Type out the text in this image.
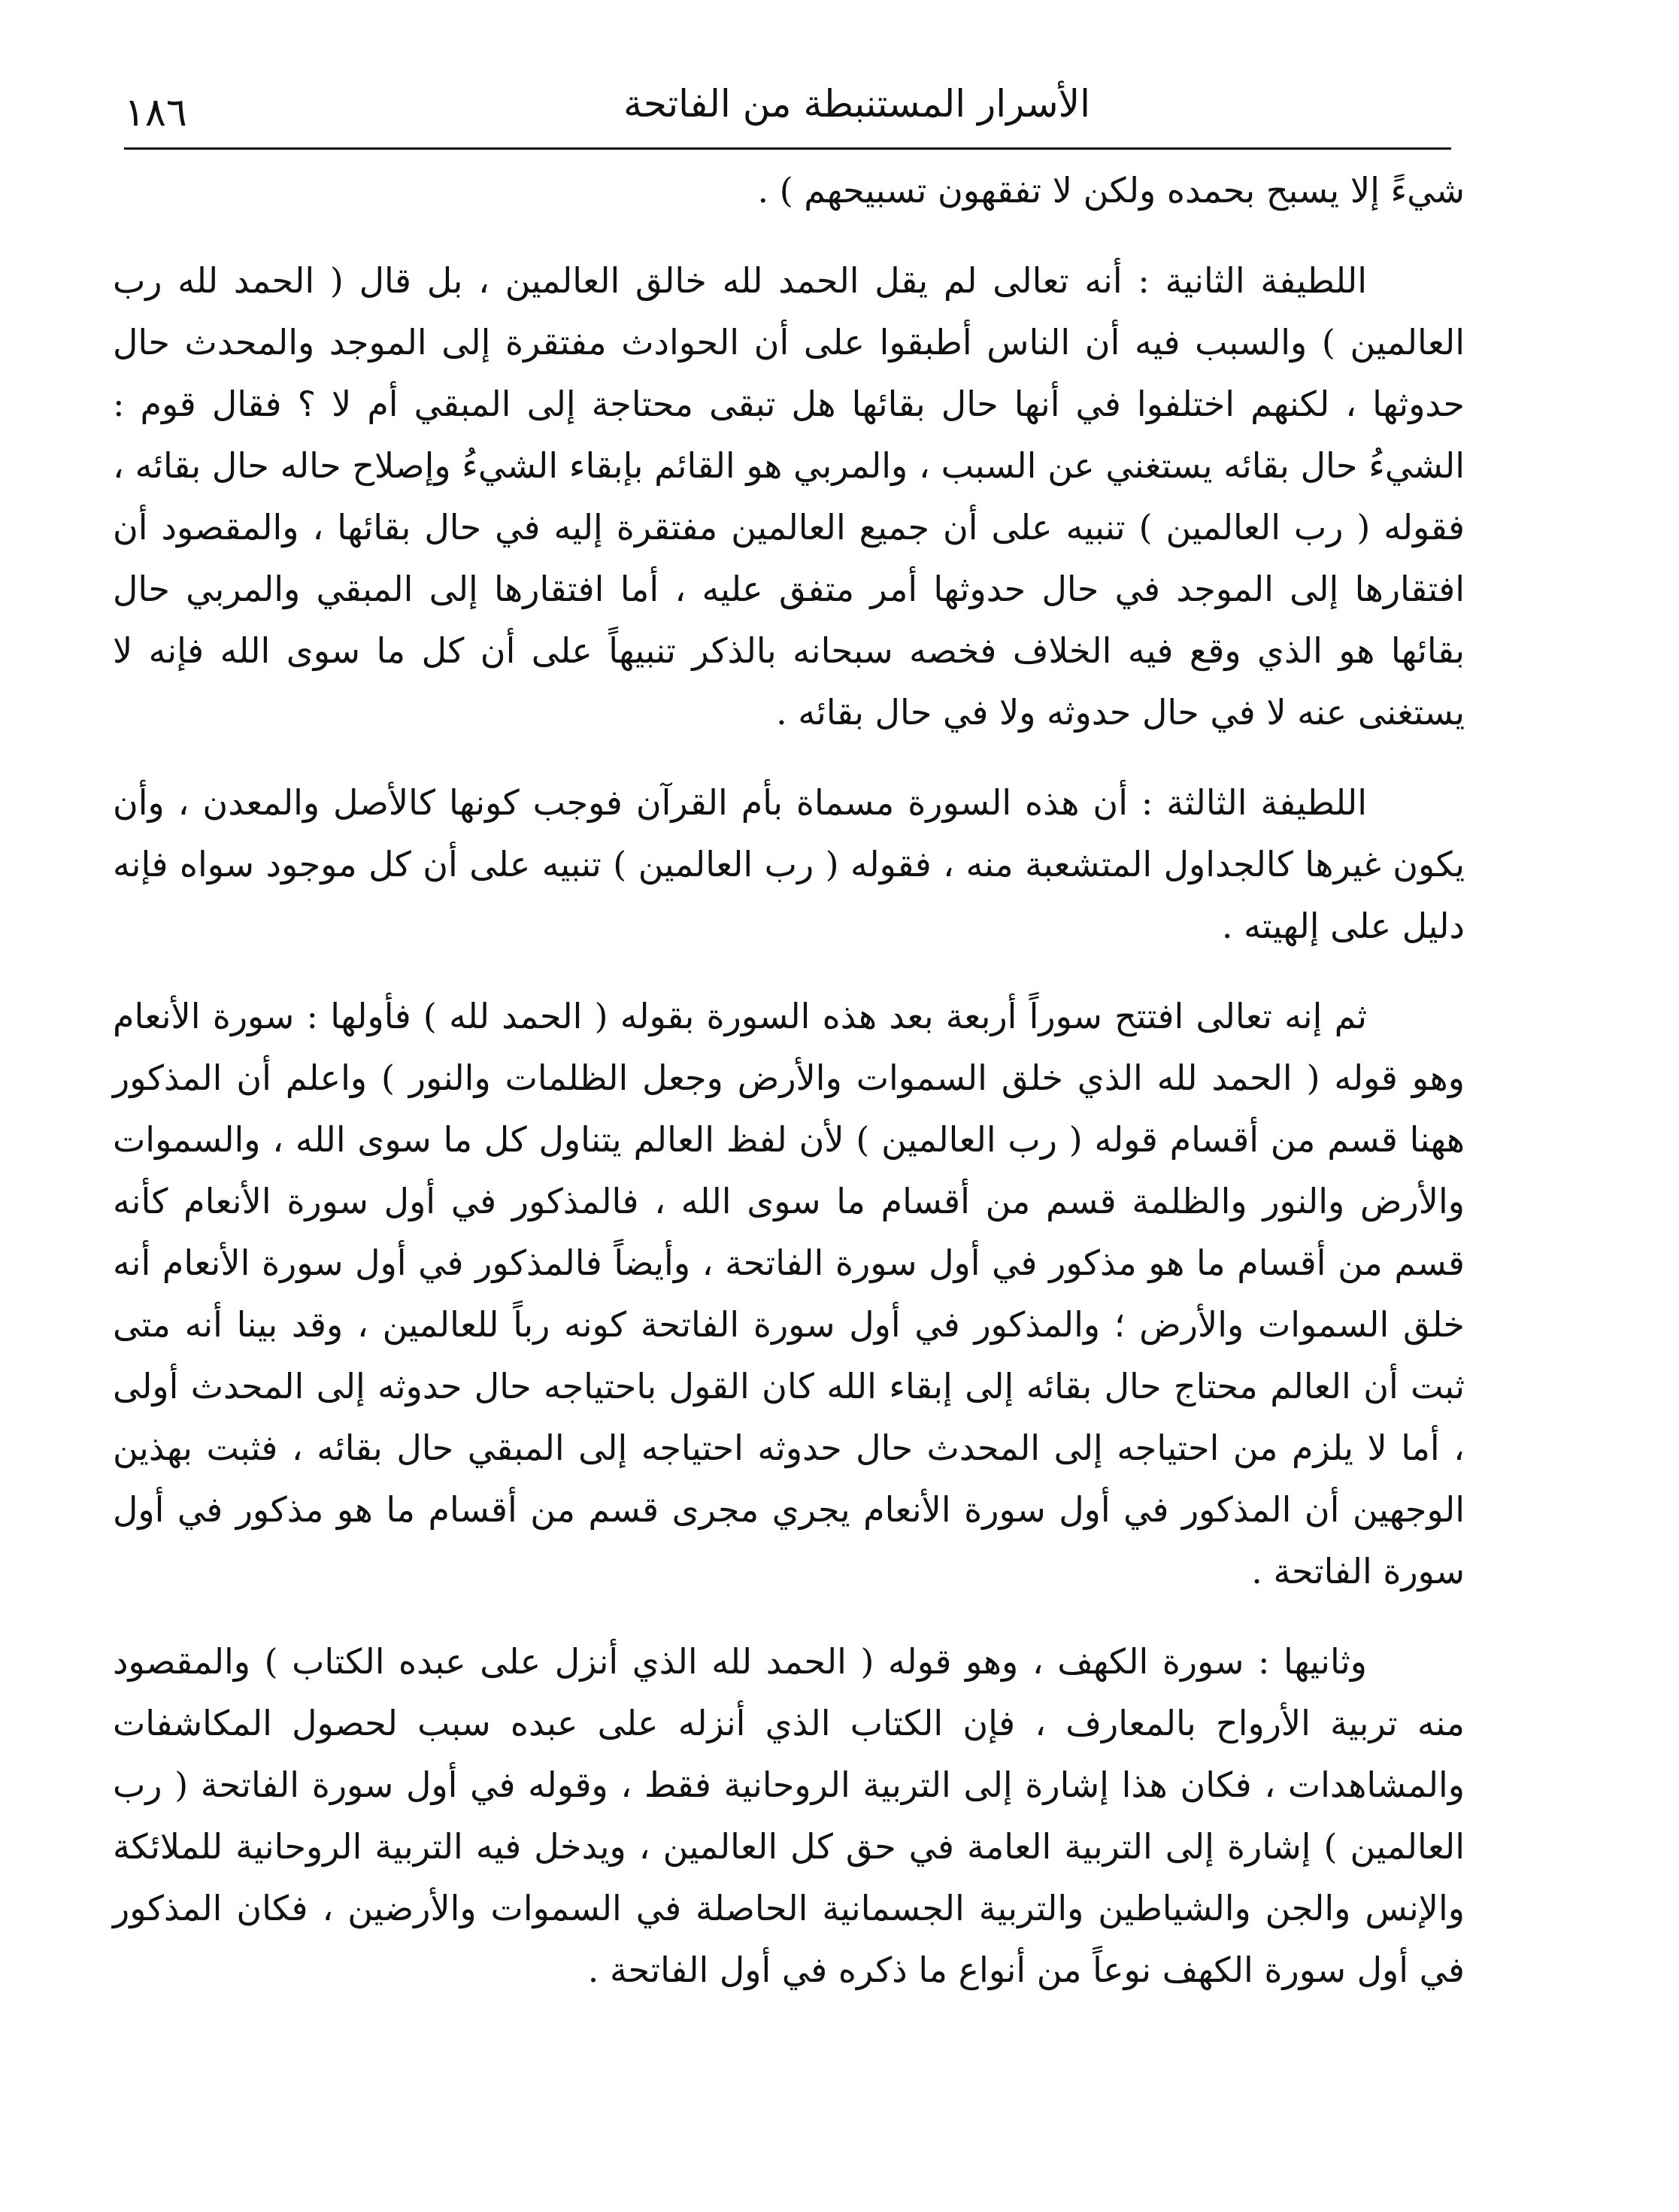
١٨٦	الأسرار المستنبطة من الفاتحة

شيءً إلا يسبح بحمده ولكن لا تفقهون تسبيحهم ) .

اللطيفة الثانية : أنه تعالى لم يقل الحمد لله خالق العالمين ، بل قال ( الحمد لله رب العالمين ) والسبب فيه أن الناس أطبقوا على أن الحوادث مفتقرة إلى الموجد والمحدث حال حدوثها ، لكنهم اختلفوا في أنها حال بقائها هل تبقى محتاجة إلى المبقي أم لا ؟ فقال قوم : الشيءُ حال بقائه يستغني عن السبب ، والمربي هو القائم بإبقاء الشيءُ وإصلاح حاله حال بقائه ، فقوله ( رب العالمين ) تنبيه على أن جميع العالمين مفتقرة إليه في حال بقائها ، والمقصود أن افتقارها إلى الموجد في حال حدوثها أمر متفق عليه ، أما افتقارها إلى المبقي والمربي حال بقائها هو الذي وقع فيه الخلاف فخصه سبحانه بالذكر تنبيهاً على أن كل ما سوى الله فإنه لا يستغنى عنه لا في حال حدوثه ولا في حال بقائه .

اللطيفة الثالثة : أن هذه السورة مسماة بأم القرآن فوجب كونها كالأصل والمعدن ، وأن يكون غيرها كالجداول المتشعبة منه ، فقوله ( رب العالمين ) تنبيه على أن كل موجود سواه فإنه دليل على إلهيته .

ثم إنه تعالى افتتح سوراً أربعة بعد هذه السورة بقوله ( الحمد لله ) فأولها : سورة الأنعام وهو قوله ( الحمد لله الذي خلق السموات والأرض وجعل الظلمات والنور ) واعلم أن المذكور ههنا قسم من أقسام قوله ( رب العالمين ) لأن لفظ العالم يتناول كل ما سوى الله ، والسموات والأرض والنور والظلمة قسم من أقسام ما سوى الله ، فالمذكور في أول سورة الأنعام كأنه قسم من أقسام ما هو مذكور في أول سورة الفاتحة ، وأيضاً فالمذكور في أول سورة الأنعام أنه خلق السموات والأرض ؛ والمذكور في أول سورة الفاتحة كونه رباً للعالمين ، وقد بينا أنه متى ثبت أن العالم محتاج حال بقائه إلى إبقاء الله كان القول باحتياجه حال حدوثه إلى المحدث أولى ، أما لا يلزم من احتياجه إلى المحدث حال حدوثه احتياجه إلى المبقي حال بقائه ، فثبت بهذين الوجهين أن المذكور في أول سورة الأنعام يجري مجرى قسم من أقسام ما هو مذكور في أول سورة الفاتحة .

وثانيها : سورة الكهف ، وهو قوله ( الحمد لله الذي أنزل على عبده الكتاب ) والمقصود منه تربية الأرواح بالمعارف ، فإن الكتاب الذي أنزله على عبده سبب لحصول المكاشفات والمشاهدات ، فكان هذا إشارة إلى التربية الروحانية فقط ، وقوله في أول سورة الفاتحة ( رب العالمين ) إشارة إلى التربية العامة في حق كل العالمين ، ويدخل فيه التربية الروحانية للملائكة والإنس والجن والشياطين والتربية الجسمانية الحاصلة في السموات والأرضين ، فكان المذكور في أول سورة الكهف نوعاً من أنواع ما ذكره في أول الفاتحة .
